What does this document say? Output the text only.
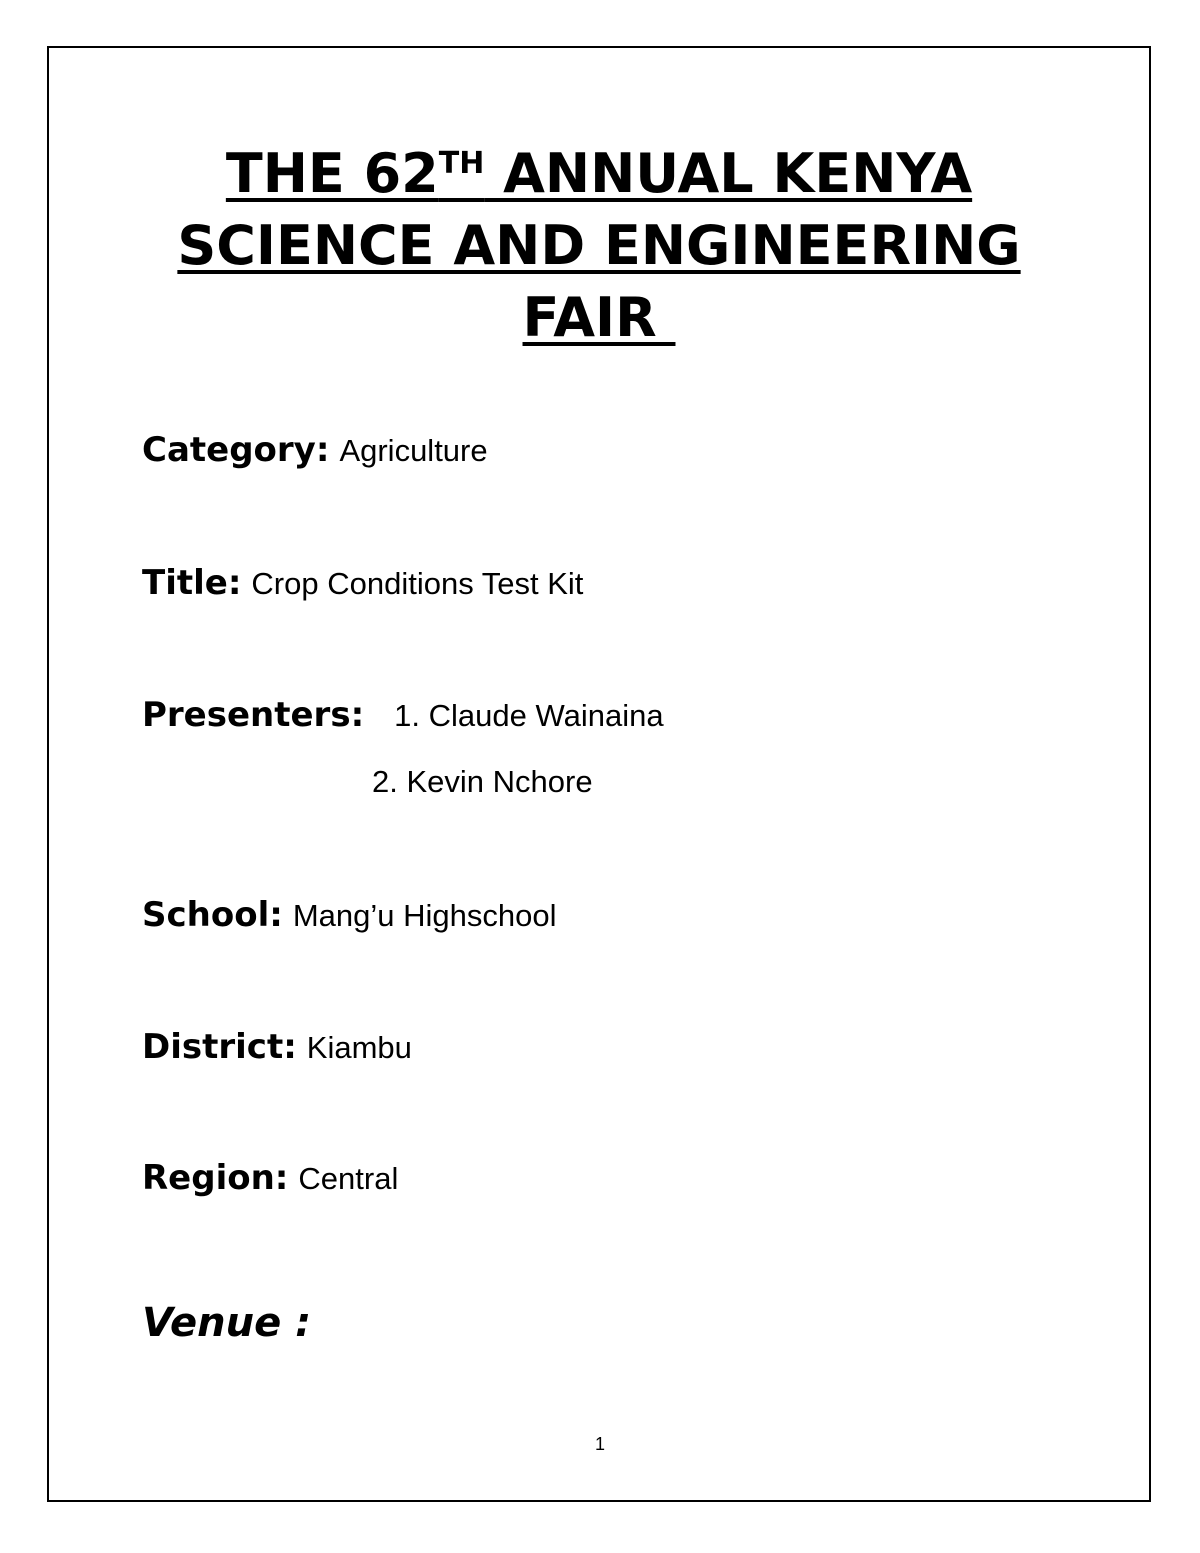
THE 62TH ANNUAL KENYA
SCIENCE AND ENGINEERING
FAIR
Category: Agriculture
Title: Crop Conditions Test Kit
Presenters: 1. Claude Wainaina
2. Kevin Nchore
School: Mang’u Highschool
District: Kiambu
Region: Central
Venue :
1
